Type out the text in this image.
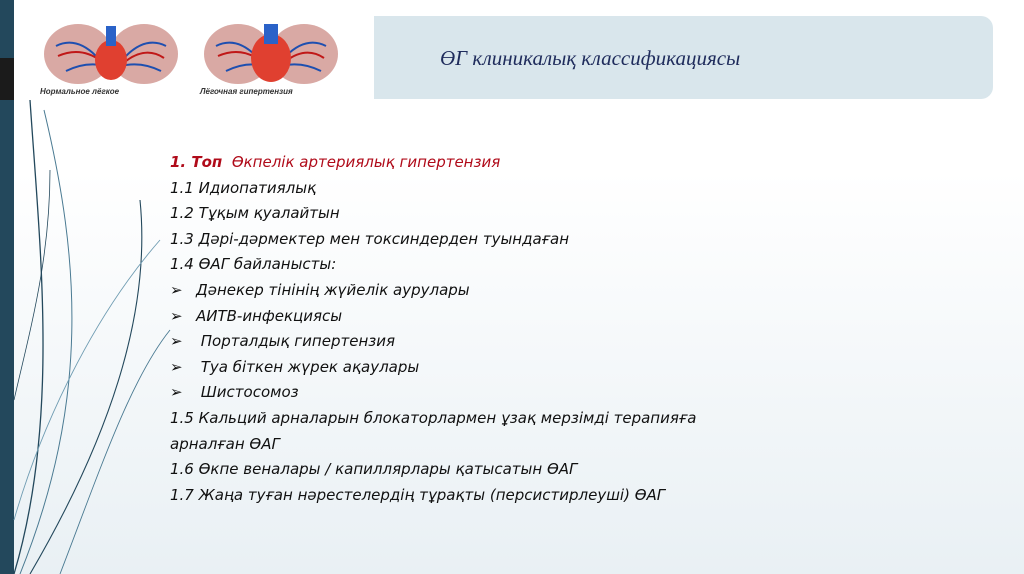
Нормальное лёгкое	Лёгочная гипертензия
ӨГ клиникалық классификациясы
1. Топ Өкпелік артериялық гипертензия
1.1 Идиопатиялық
1.2 Тұқым қуалайтын
1.3 Дәрі-дәрмектер мен токсиндерден туындаған
1.4 ӨАГ байланысты:
➢ Дәнекер тінінің жүйелік аурулары
➢ АИТВ-инфекциясы
➢ Порталдық гипертензия
➢ Туа біткен жүрек ақаулары
➢ Шистосомоз
1.5 Кальций арналарын блокаторлармен ұзақ мерзімді терапияға
арналған ӨАГ
1.6 Өкпе веналары / капиллярлары қатысатын ӨАГ
1.7 Жаңа туған нәрестелердің тұрақты (персистирлеуші) ӨАГ
